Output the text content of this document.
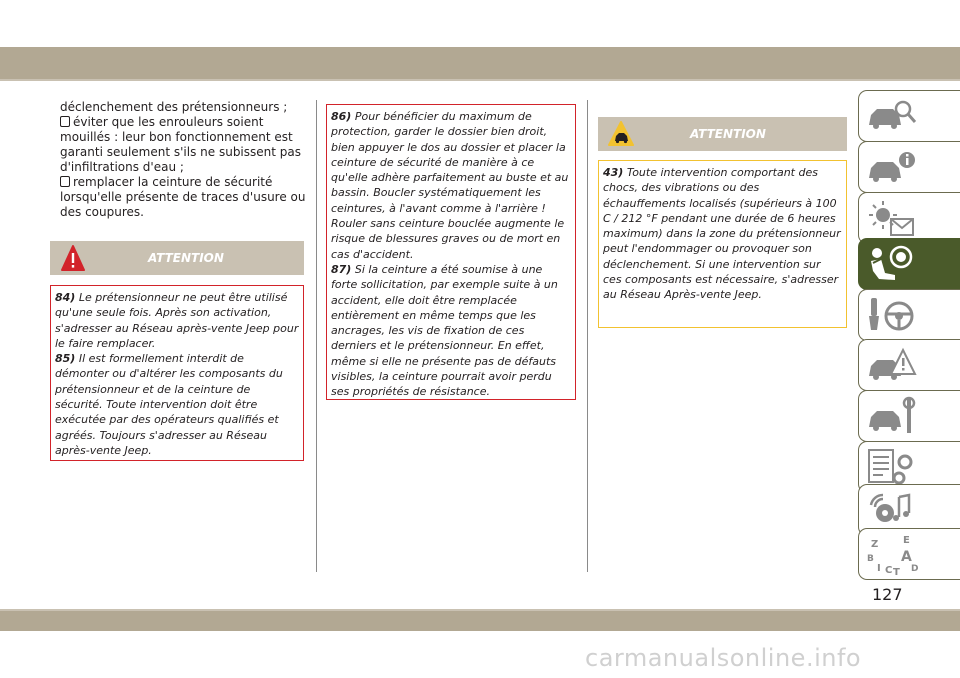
déclenchement des prétensionneurs ;

éviter que les enrouleurs soient mouillés : leur bon fonctionnement est garanti seulement s'ils ne subissent pas d'infiltrations d'eau ;

remplacer la ceinture de sécurité lorsqu'elle présente de traces d'usure ou des coupures.

ATTENTION

84) Le prétensionneur ne peut être utilisé qu'une seule fois. Après son activation, s'adresser au Réseau après-vente Jeep pour le faire remplacer.

85) Il est formellement interdit de démonter ou d'altérer les composants du prétensionneur et de la ceinture de sécurité. Toute intervention doit être exécutée par des opérateurs qualifiés et agréés. Toujours s'adresser au Réseau après-vente Jeep.

86) Pour bénéficier du maximum de protection, garder le dossier bien droit, bien appuyer le dos au dossier et placer la ceinture de sécurité de manière à ce qu'elle adhère parfaitement au buste et au bassin. Boucler systématiquement les ceintures, à l'avant comme à l'arrière ! Rouler sans ceinture bouclée augmente le risque de blessures graves ou de mort en cas d'accident.

87) Si la ceinture a été soumise à une forte sollicitation, par exemple suite à un accident, elle doit être remplacée entièrement en même temps que les ancrages, les vis de fixation de ces derniers et le prétensionneur. En effet, même si elle ne présente pas de défauts visibles, la ceinture pourrait avoir perdu ses propriétés de résistance.

ATTENTION

43) Toute intervention comportant des chocs, des vibrations ou des échauffements localisés (supérieurs à 100 C / 212 °F pendant une durée de 6 heures maximum) dans la zone du prétensionneur peut l'endommager ou provoquer son déclenchement. Si une intervention sur ces composants est nécessaire, s'adresser au Réseau Après-vente Jeep.

Z E
B A
I C T D
127
carmanualsonline.info
